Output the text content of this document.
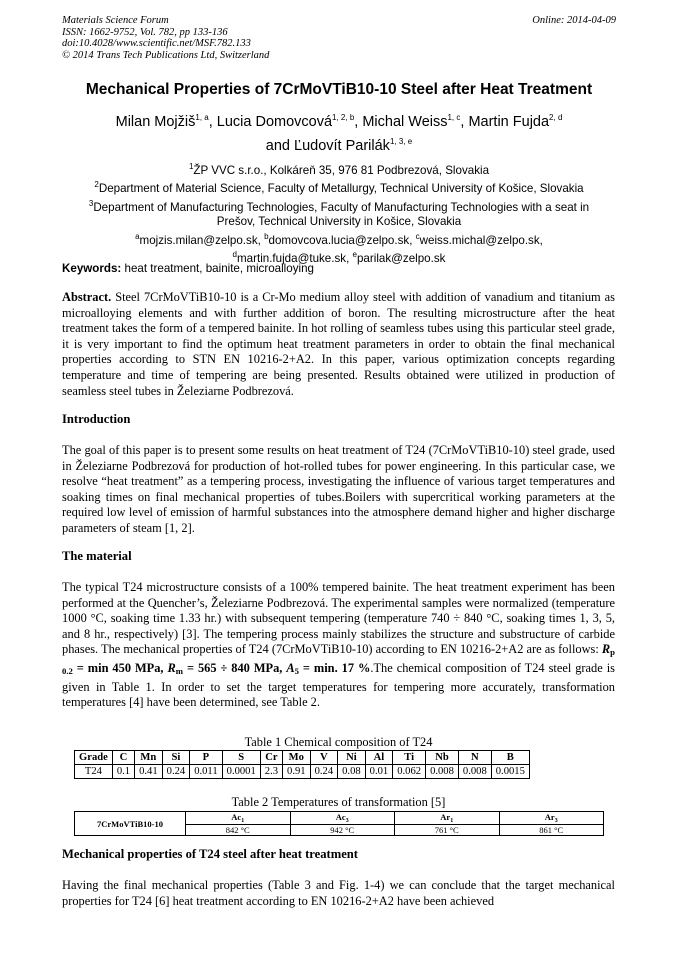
Materials Science Forum
ISSN: 1662-9752, Vol. 782, pp 133-136
doi:10.4028/www.scientific.net/MSF.782.133
© 2014 Trans Tech Publications Ltd, Switzerland
Online: 2014-04-09
Mechanical Properties of 7CrMoVTiB10-10 Steel after Heat Treatment
Milan Mojžiš$^{1, a}$, Lucia Domovcová$^{1, 2, b}$, Michal Weiss$^{1, c}$, Martin Fujda$^{2, d}$
and Ľudovít Parilák$^{1, 3, e}$
$^1$ŽP VVC s.r.o., Kolkáreň 35, 976 81 Podbrezová, Slovakia
$^2$Department of Material Science, Faculty of Metallurgy, Technical University of Košice, Slovakia
$^3$Department of Manufacturing Technologies, Faculty of Manufacturing Technologies with a seat in Prešov, Technical University in Košice, Slovakia
$^a$mojzis.milan@zelpo.sk, $^b$domovcova.lucia@zelpo.sk, $^c$weiss.michal@zelpo.sk,
$^d$martin.fujda@tuke.sk, $^e$parilak@zelpo.sk
Keywords: heat treatment, bainite, microalloying
Abstract. Steel 7CrMoVTiB10-10 is a Cr-Mo medium alloy steel with addition of vanadium and titanium as microalloying elements and with further addition of boron. The resulting microstructure after the heat treatment takes the form of a tempered bainite. In hot rolling of seamless tubes using this particular steel grade, it is very important to find the optimum heat treatment parameters in order to obtain the final mechanical properties according to STN EN 10216-2+A2. In this paper, various optimization concepts regarding temperature and time of tempering are being presented. Results obtained were utilized in production of seamless steel tubes in Železiarne Podbrezová.
Introduction
The goal of this paper is to present some results on heat treatment of T24 (7CrMoVTiB10-10) steel grade, used in Železiarne Podbrezová for production of hot-rolled tubes for power engineering. In this particular case, we resolve “heat treatment” as a tempering process, investigating the influence of various target temperatures and soaking times on final mechanical properties of tubes.Boilers with supercritical working parameters at the required low level of emission of harmful substances into the atmosphere demand higher and higher discharge parameters of steam [1, 2].
The material
The typical T24 microstructure consists of a 100% tempered bainite. The heat treatment experiment has been performed at the Quencher’s, Železiarne Podbrezová. The experimental samples were normalized (temperature 1000 °C, soaking time 1.33 hr.) with subsequent tempering (temperature 740 ÷ 840 °C, soaking times 1, 3, 5, and 8 hr., respectively) [3]. The tempering process mainly stabilizes the structure and substructure of carbide phases. The mechanical properties of T24 (7CrMoVTiB10-10) according to EN 10216-2+A2 are as follows: $R_{p 0.2} = \min 450$ MPa, $R_m = 565 \div 840$ MPa, $A_5 = \min$. 17 %.The chemical composition of T24 steel grade is given in Table 1. In order to set the target temperatures for tempering more accurately, transformation temperatures [4] have been determined, see Table 2.
Table 1 Chemical composition of T24
Grade	C	Mn	Si	P	S	Cr	Mo	V	Ni	Al	Ti	Nb	N	B
T24	0.1	0.41	0.24	0.011	0.0001	2.3	0.91	0.24	0.08	0.01	0.062	0.008	0.008	0.0015
Table 2 Temperatures of transformation [5]
7CrMoVTiB10-10	$Ac_1$	$Ac_3$	$Ar_1$	$Ar_3$
	842 °C	942 °C	761 °C	861 °C
Mechanical properties of T24 steel after heat treatment
Having the final mechanical properties (Table 3 and Fig. 1-4) we can conclude that the target mechanical properties for T24 [6] heat treatment according to EN 10216-2+A2 have been achieved
